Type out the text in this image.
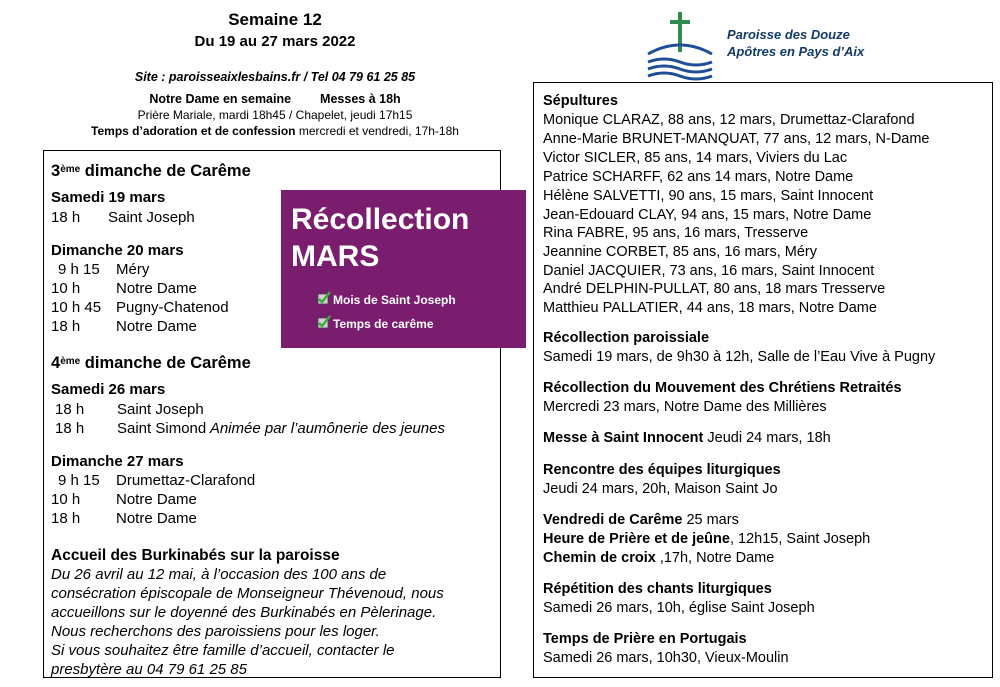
Semaine 12
Du 19 au 27 mars 2022
Site : paroisseaixlesbains.fr / Tel 04 79 61 25 85
Notre Dame en semaine Messes à 18h
Prière Mariale, mardi 18h45 / Chapelet, jeudi 17h15
Temps d’adoration et de confession mercredi et vendredi, 17h-18h
Paroisse des Douze
Apôtres en Pays d’Aix
3ème dimanche de Carême
Samedi 19 mars
18 h Saint Joseph
Dimanche 20 mars
9 h 15 Méry
10 h Notre Dame
10 h 45 Pugny-Chatenod
18 h Notre Dame
4ème dimanche de Carême
Samedi 26 mars
18 h Saint Joseph
18 h Saint Simond Animée par l’aumônerie des jeunes
Dimanche 27 mars
9 h 15 Drumettaz-Clarafond
10 h Notre Dame
18 h Notre Dame
Accueil des Burkinabés sur la paroisse
Du 26 avril au 12 mai, à l’occasion des 100 ans de
consécration épiscopale de Monseigneur Thévenoud, nous
accueillons sur le doyenné des Burkinabés en Pèlerinage.
Nous recherchons des paroissiens pour les loger.
Si vous souhaitez être famille d’accueil, contacter le
presbytère au 04 79 61 25 85
Récollection
MARS
Mois de Saint Joseph
Temps de carême
Sépultures
Monique CLARAZ, 88 ans, 12 mars, Drumettaz-Clarafond
Anne-Marie BRUNET-MANQUAT, 77 ans, 12 mars, N-Dame
Victor SICLER, 85 ans, 14 mars, Viviers du Lac
Patrice SCHARFF, 62 ans 14 mars, Notre Dame
Hélène SALVETTI, 90 ans, 15 mars, Saint Innocent
Jean-Edouard CLAY, 94 ans, 15 mars, Notre Dame
Rina FABRE, 95 ans, 16 mars, Tresserve
Jeannine CORBET, 85 ans, 16 mars, Méry
Daniel JACQUIER, 73 ans, 16 mars, Saint Innocent
André DELPHIN-PULLAT, 80 ans, 18 mars Tresserve
Matthieu PALLATIER, 44 ans, 18 mars, Notre Dame
Récollection paroissiale
Samedi 19 mars, de 9h30 à 12h, Salle de l’Eau Vive à Pugny
Récollection du Mouvement des Chrétiens Retraités
Mercredi 23 mars, Notre Dame des Millières
Messe à Saint Innocent Jeudi 24 mars, 18h
Rencontre des équipes liturgiques
Jeudi 24 mars, 20h, Maison Saint Jo
Vendredi de Carême 25 mars
Heure de Prière et de jeûne, 12h15, Saint Joseph
Chemin de croix ,17h, Notre Dame
Répétition des chants liturgiques
Samedi 26 mars, 10h, église Saint Joseph
Temps de Prière en Portugais
Samedi 26 mars, 10h30, Vieux-Moulin
